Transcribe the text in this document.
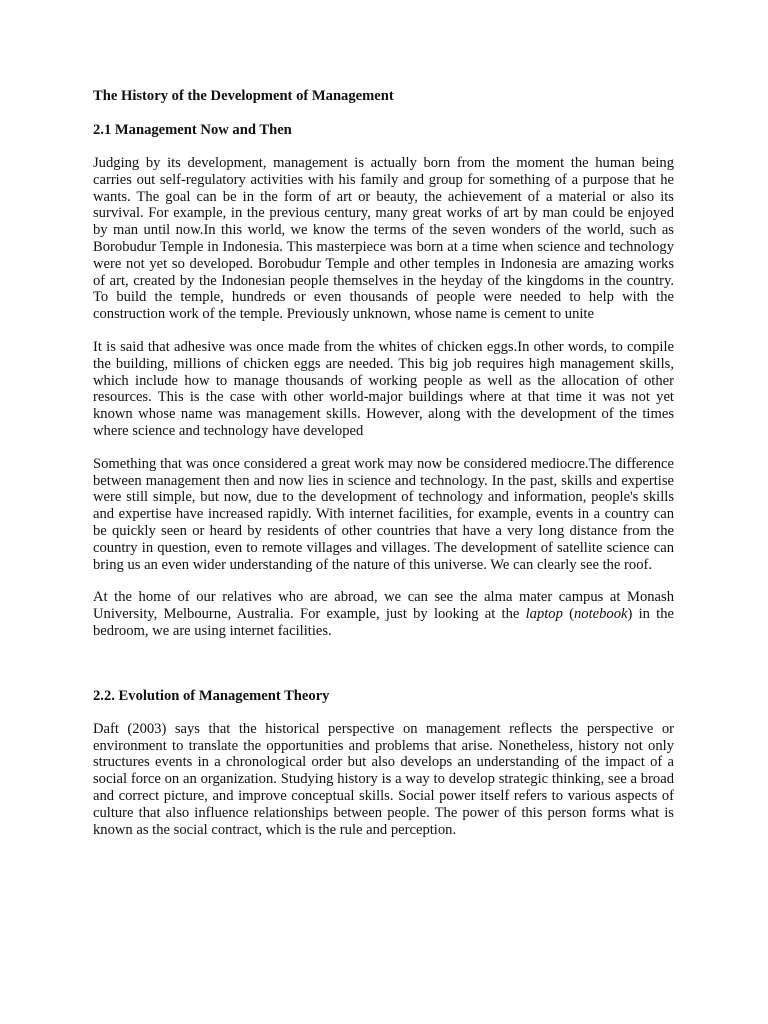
The History of the Development of Management

2.1 Management Now and Then

Judging by its development, management is actually born from the moment the human being carries out self-regulatory activities with his family and group for something of a purpose that he wants. The goal can be in the form of art or beauty, the achievement of a material or also its survival. For example, in the previous century, many great works of art by man could be enjoyed by man until now.In this world, we know the terms of the seven wonders of the world, such as Borobudur Temple in Indonesia. This masterpiece was born at a time when science and technology were not yet so developed. Borobudur Temple and other temples in Indonesia are amazing works of art, created by the Indonesian people themselves in the heyday of the kingdoms in the country. To build the temple, hundreds or even thousands of people were needed to help with the construction work of the temple. Previously unknown, whose name is cement to unite

It is said that adhesive was once made from the whites of chicken eggs.In other words, to compile the building, millions of chicken eggs are needed. This big job requires high management skills, which include how to manage thousands of working people as well as the allocation of other resources. This is the case with other world-major buildings where at that time it was not yet known whose name was management skills. However, along with the development of the times where science and technology have developed

Something that was once considered a great work may now be considered mediocre.The difference between management then and now lies in science and technology. In the past, skills and expertise were still simple, but now, due to the development of technology and information, people's skills and expertise have increased rapidly. With internet facilities, for example, events in a country can be quickly seen or heard by residents of other countries that have a very long distance from the country in question, even to remote villages and villages. The development of satellite science can bring us an even wider understanding of the nature of this universe. We can clearly see the roof.

At the home of our relatives who are abroad, we can see the alma mater campus at Monash University, Melbourne, Australia. For example, just by looking at the laptop (notebook) in the bedroom, we are using internet facilities.

2.2. Evolution of Management Theory

Daft (2003) says that the historical perspective on management reflects the perspective or environment to translate the opportunities and problems that arise. Nonetheless, history not only structures events in a chronological order but also develops an understanding of the impact of a social force on an organization. Studying history is a way to develop strategic thinking, see a broad and correct picture, and improve conceptual skills. Social power itself refers to various aspects of culture that also influence relationships between people. The power of this person forms what is known as the social contract, which is the rule and perception.
